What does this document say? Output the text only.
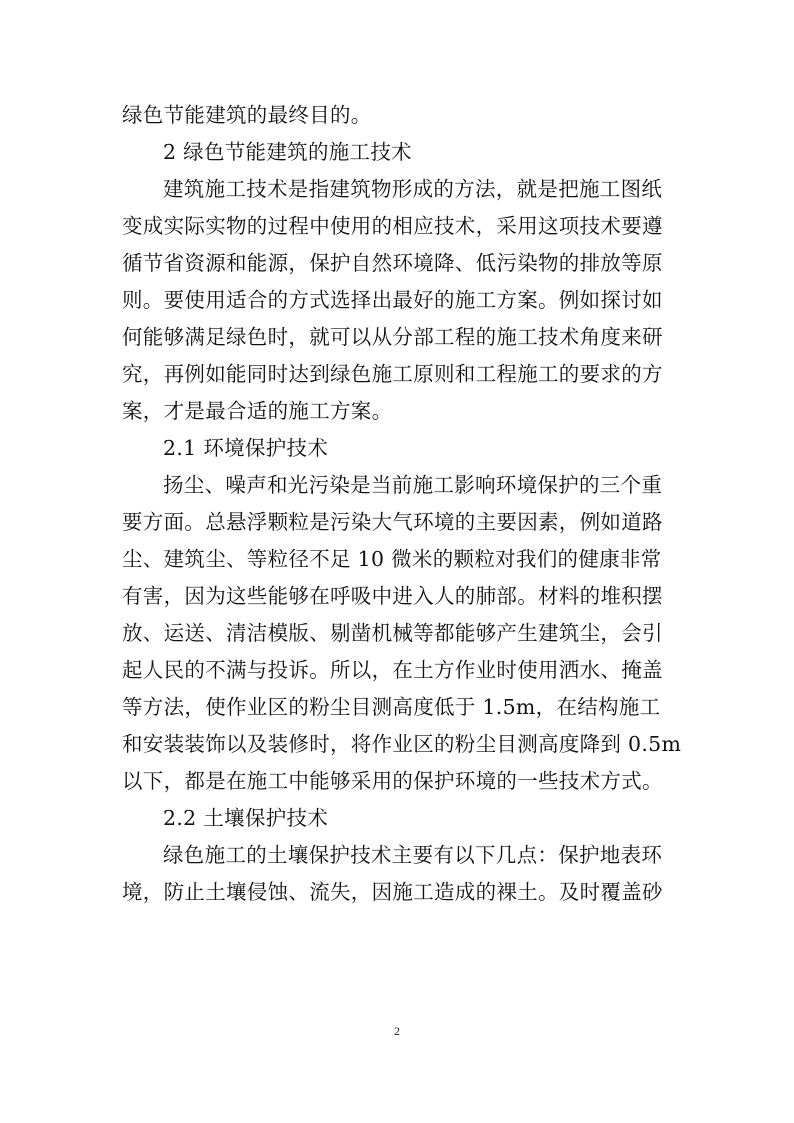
绿色节能建筑的最终目的。
2 绿色节能建筑的施工技术
建筑施工技术是指建筑物形成的方法，就是把施工图纸
变成实际实物的过程中使用的相应技术，采用这项技术要遵
循节省资源和能源，保护自然环境降、低污染物的排放等原
则。要使用适合的方式选择出最好的施工方案。例如探讨如
何能够满足绿色时，就可以从分部工程的施工技术角度来研
究，再例如能同时达到绿色施工原则和工程施工的要求的方
案，才是最合适的施工方案。
2.1 环境保护技术
扬尘、噪声和光污染是当前施工影响环境保护的三个重
要方面。总悬浮颗粒是污染大气环境的主要因素，例如道路
尘、建筑尘、等粒径不足 10 微米的颗粒对我们的健康非常
有害，因为这些能够在呼吸中进入人的肺部。材料的堆积摆
放、运送、清洁模版、剔凿机械等都能够产生建筑尘，会引
起人民的不满与投诉。所以，在土方作业时使用洒水、掩盖
等方法，使作业区的粉尘目测高度低于 1.5m，在结构施工
和安装装饰以及装修时，将作业区的粉尘目测高度降到 0.5m
以下，都是在施工中能够采用的保护环境的一些技术方式。
2.2 土壤保护技术
绿色施工的土壤保护技术主要有以下几点：保护地表环
境，防止土壤侵蚀、流失，因施工造成的裸土。及时覆盖砂
2
